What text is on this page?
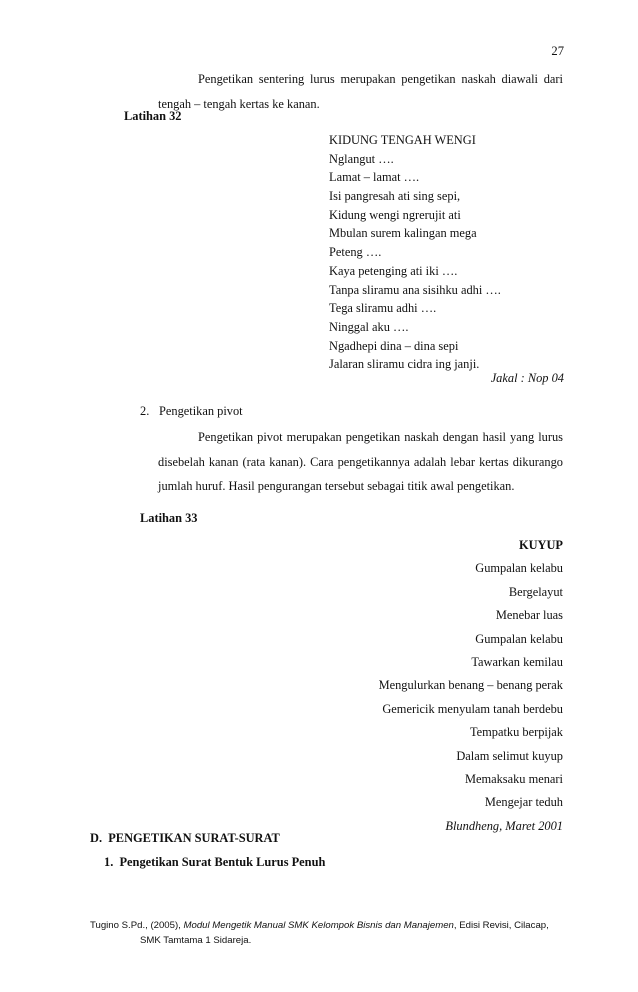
27
Pengetikan sentering lurus merupakan pengetikan naskah diawali dari tengah – tengah kertas ke kanan.
Latihan 32
KIDUNG TENGAH WENGI
Nglangut ….
Lamat – lamat ….
Isi pangresah ati sing sepi,
Kidung wengi ngrerujit ati
Mbulan surem kalingan mega
Peteng ….
Kaya petenging ati iki ….
Tanpa sliramu ana sisihku adhi ….
Tega sliramu adhi ….
Ninggal aku ….
Ngadhepi dina – dina sepi
Jalaran sliramu cidra ing janji.
Jakal : Nop 04
2. Pengetikan pivot
Pengetikan pivot merupakan pengetikan naskah dengan hasil yang lurus disebelah kanan (rata kanan). Cara pengetikannya adalah lebar kertas dikurango jumlah huruf. Hasil pengurangan tersebut sebagai titik awal pengetikan.
Latihan 33
KUYUP
Gumpalan kelabu
Bergelayut
Menebar luas
Gumpalan kelabu
Tawarkan kemilau
Mengulurkan benang – benang perak
Gemericik menyulam tanah berdebu
Tempatku berpijak
Dalam selimut kuyup
Memaksaku menari
Mengejar teduh
Blundheng, Maret 2001
D.  PENGETIKAN SURAT-SURAT
1.  Pengetikan Surat Bentuk Lurus Penuh
Tugino S.Pd., (2005), Modul Mengetik Manual SMK Kelompok Bisnis dan Manajemen, Edisi Revisi, Cilacap,
SMK Tamtama 1 Sidareja.
